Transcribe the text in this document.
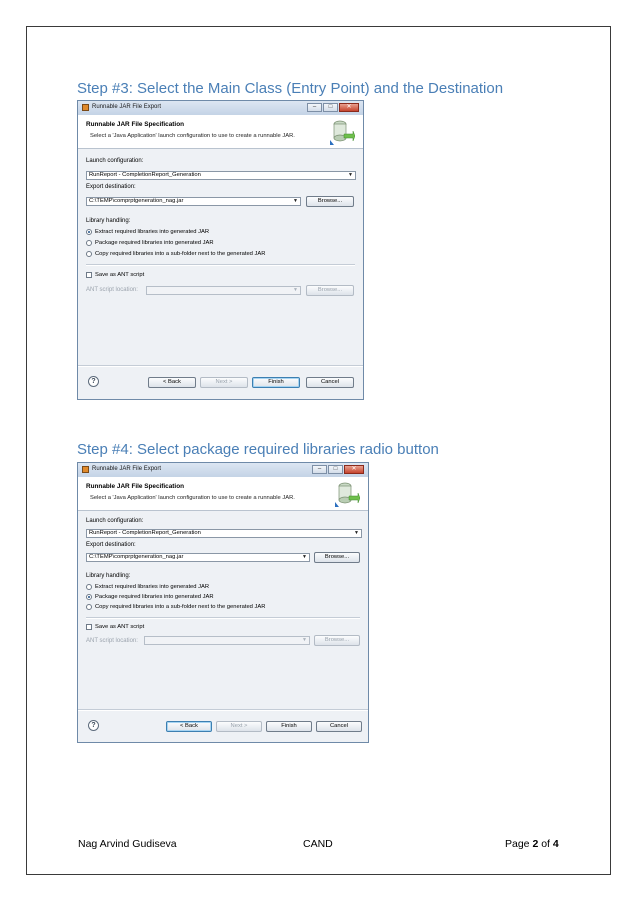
Step #3: Select the Main Class (Entry Point) and the Destination
Runnable JAR File Export	–	□	✕
Runnable JAR File Specification
Select a 'Java Application' launch configuration to use to create a runnable JAR.
Launch configuration:
RunReport - CompletionReport_Generation	▼
Export destination:
C:\TEMP\comprptgeneration_nag.jar	▼	Browse...
Library handling:
Extract required libraries into generated JAR
Package required libraries into generated JAR
Copy required libraries into a sub-folder next to the generated JAR
Save as ANT script
ANT script location:	▼	Browse...
?	< Back	Next >	Finish	Cancel
Step #4: Select package required libraries radio button
Runnable JAR File Export	–	□	✕
Runnable JAR File Specification
Select a 'Java Application' launch configuration to use to create a runnable JAR.
Launch configuration:
RunReport - CompletionReport_Generation	▼
Export destination:
C:\TEMP\comprptgeneration_nag.jar	▼	Browse...
Library handling:
Extract required libraries into generated JAR
Package required libraries into generated JAR
Copy required libraries into a sub-folder next to the generated JAR
Save as ANT script
ANT script location:	▼	Browse...
?	< Back	Next >	Finish	Cancel
Nag Arvind Gudiseva	CAND	Page 2 of 4
